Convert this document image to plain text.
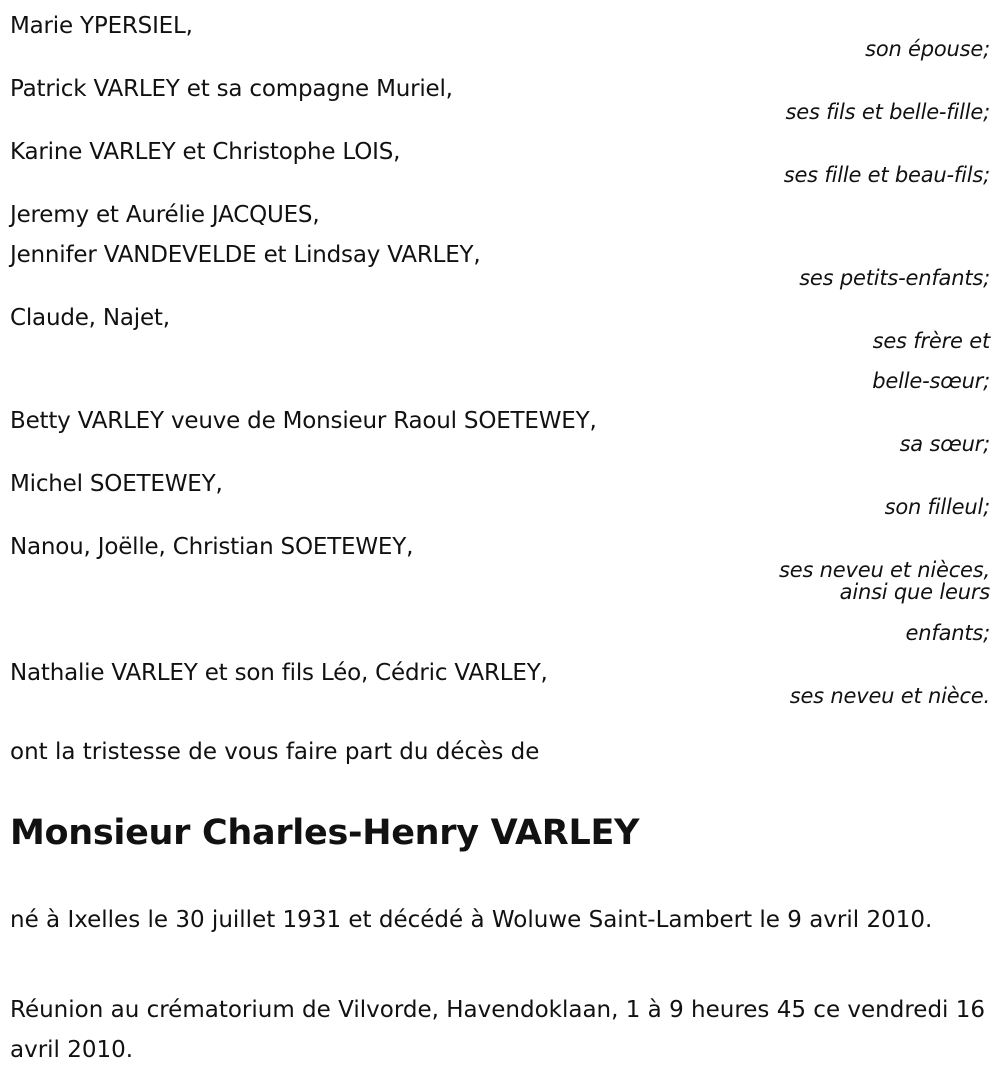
Marie YPERSIEL,
son épouse;
Patrick VARLEY et sa compagne Muriel,
ses fils et belle-fille;
Karine VARLEY et Christophe LOIS,
ses fille et beau-fils;
Jeremy et Aurélie JACQUES,
Jennifer VANDEVELDE et Lindsay VARLEY,
ses petits-enfants;
Claude, Najet,
ses frère et
belle-sœur;
Betty VARLEY veuve de Monsieur Raoul SOETEWEY,
sa sœur;
Michel SOETEWEY,
son filleul;
Nanou, Joëlle, Christian SOETEWEY,
ses neveu et nièces,
ainsi que leurs
enfants;
Nathalie VARLEY et son fils Léo, Cédric VARLEY,
ses neveu et nièce.
ont la tristesse de vous faire part du décès de
Monsieur Charles-Henry VARLEY
né à Ixelles le 30 juillet 1931 et décédé à Woluwe Saint-Lambert le 9 avril 2010.
Réunion au crématorium de Vilvorde, Havendoklaan, 1 à 9 heures 45 ce vendredi 16 avril 2010.
